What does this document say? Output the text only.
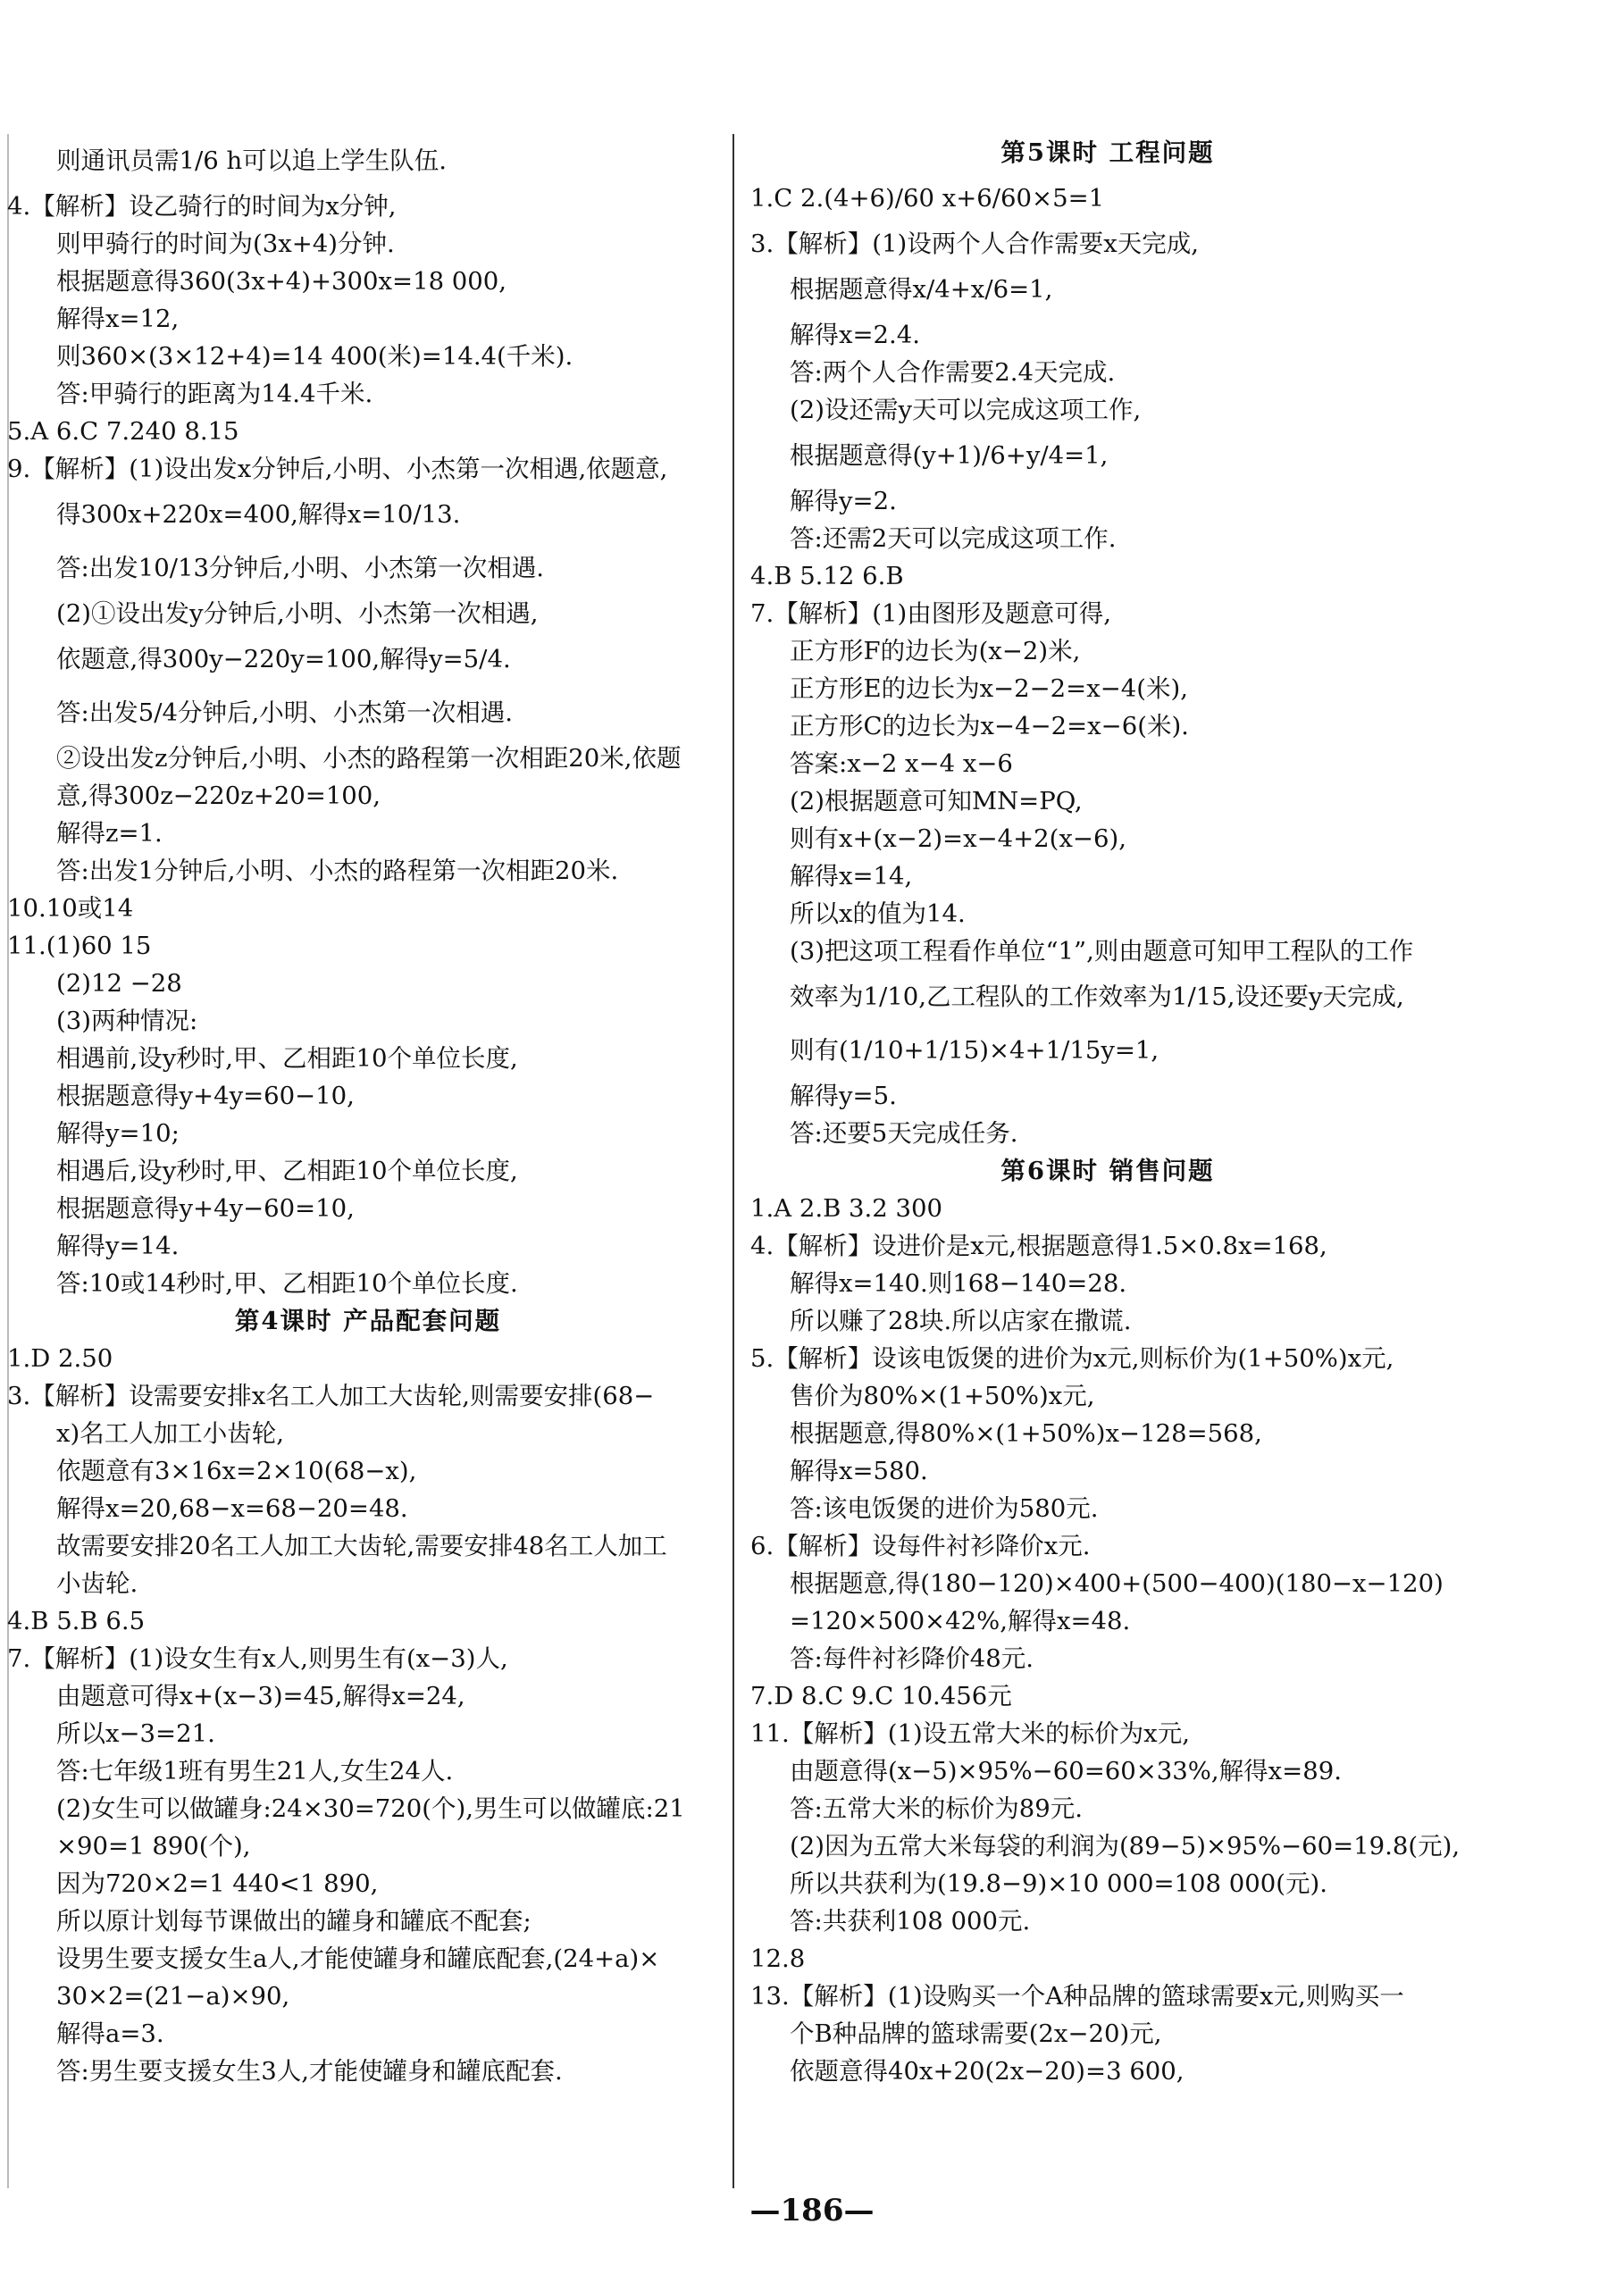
则通讯员需1/6 h可以追上学生队伍.
4.【解析】设乙骑行的时间为x分钟,
则甲骑行的时间为(3x+4)分钟.
根据题意得360(3x+4)+300x=18 000,
解得x=12,
则360×(3×12+4)=14 400(米)=14.4(千米).
答:甲骑行的距离为14.4千米.
5.A 6.C 7.240 8.15
9.【解析】(1)设出发x分钟后,小明、小杰第一次相遇,依题意,
得300x+220x=400,解得x=10/13.
答:出发10/13分钟后,小明、小杰第一次相遇.
(2)①设出发y分钟后,小明、小杰第一次相遇,
依题意,得300y−220y=100,解得y=5/4.
答:出发5/4分钟后,小明、小杰第一次相遇.
②设出发z分钟后,小明、小杰的路程第一次相距20米,依题
意,得300z−220z+20=100,
解得z=1.
答:出发1分钟后,小明、小杰的路程第一次相距20米.
10.10或14
11.(1)60 15
(2)12 −28
(3)两种情况:
相遇前,设y秒时,甲、乙相距10个单位长度,
根据题意得y+4y=60−10,
解得y=10;
相遇后,设y秒时,甲、乙相距10个单位长度,
根据题意得y+4y−60=10,
解得y=14.
答:10或14秒时,甲、乙相距10个单位长度.
第4课时 产品配套问题
1.D 2.50
3.【解析】设需要安排x名工人加工大齿轮,则需要安排(68−
x)名工人加工小齿轮,
依题意有3×16x=2×10(68−x),
解得x=20,68−x=68−20=48.
故需要安排20名工人加工大齿轮,需要安排48名工人加工
小齿轮.
4.B 5.B 6.5
7.【解析】(1)设女生有x人,则男生有(x−3)人,
由题意可得x+(x−3)=45,解得x=24,
所以x−3=21.
答:七年级1班有男生21人,女生24人.
(2)女生可以做罐身:24×30=720(个),男生可以做罐底:21
×90=1 890(个),
因为720×2=1 440<1 890,
所以原计划每节课做出的罐身和罐底不配套;
设男生要支援女生a人,才能使罐身和罐底配套,(24+a)×
30×2=(21−a)×90,
解得a=3.
答:男生要支援女生3人,才能使罐身和罐底配套.
第5课时 工程问题
1.C 2.(4+6)/60 x+6/60×5=1
3.【解析】(1)设两个人合作需要x天完成,
根据题意得x/4+x/6=1,
解得x=2.4.
答:两个人合作需要2.4天完成.
(2)设还需y天可以完成这项工作,
根据题意得(y+1)/6+y/4=1,
解得y=2.
答:还需2天可以完成这项工作.
4.B 5.12 6.B
7.【解析】(1)由图形及题意可得,
正方形F的边长为(x−2)米,
正方形E的边长为x−2−2=x−4(米),
正方形C的边长为x−4−2=x−6(米).
答案:x−2 x−4 x−6
(2)根据题意可知MN=PQ,
则有x+(x−2)=x−4+2(x−6),
解得x=14,
所以x的值为14.
(3)把这项工程看作单位“1”,则由题意可知甲工程队的工作
效率为1/10,乙工程队的工作效率为1/15,设还要y天完成,
则有(1/10+1/15)×4+1/15y=1,
解得y=5.
答:还要5天完成任务.
第6课时 销售问题
1.A 2.B 3.2 300
4.【解析】设进价是x元,根据题意得1.5×0.8x=168,
解得x=140.则168−140=28.
所以赚了28块.所以店家在撒谎.
5.【解析】设该电饭煲的进价为x元,则标价为(1+50%)x元,
售价为80%×(1+50%)x元,
根据题意,得80%×(1+50%)x−128=568,
解得x=580.
答:该电饭煲的进价为580元.
6.【解析】设每件衬衫降价x元.
根据题意,得(180−120)×400+(500−400)(180−x−120)
=120×500×42%,解得x=48.
答:每件衬衫降价48元.
7.D 8.C 9.C 10.456元
11.【解析】(1)设五常大米的标价为x元,
由题意得(x−5)×95%−60=60×33%,解得x=89.
答:五常大米的标价为89元.
(2)因为五常大米每袋的利润为(89−5)×95%−60=19.8(元),
所以共获利为(19.8−9)×10 000=108 000(元).
答:共获利108 000元.
12.8
13.【解析】(1)设购买一个A种品牌的篮球需要x元,则购买一
个B种品牌的篮球需要(2x−20)元,
依题意得40x+20(2x−20)=3 600,
—186—
